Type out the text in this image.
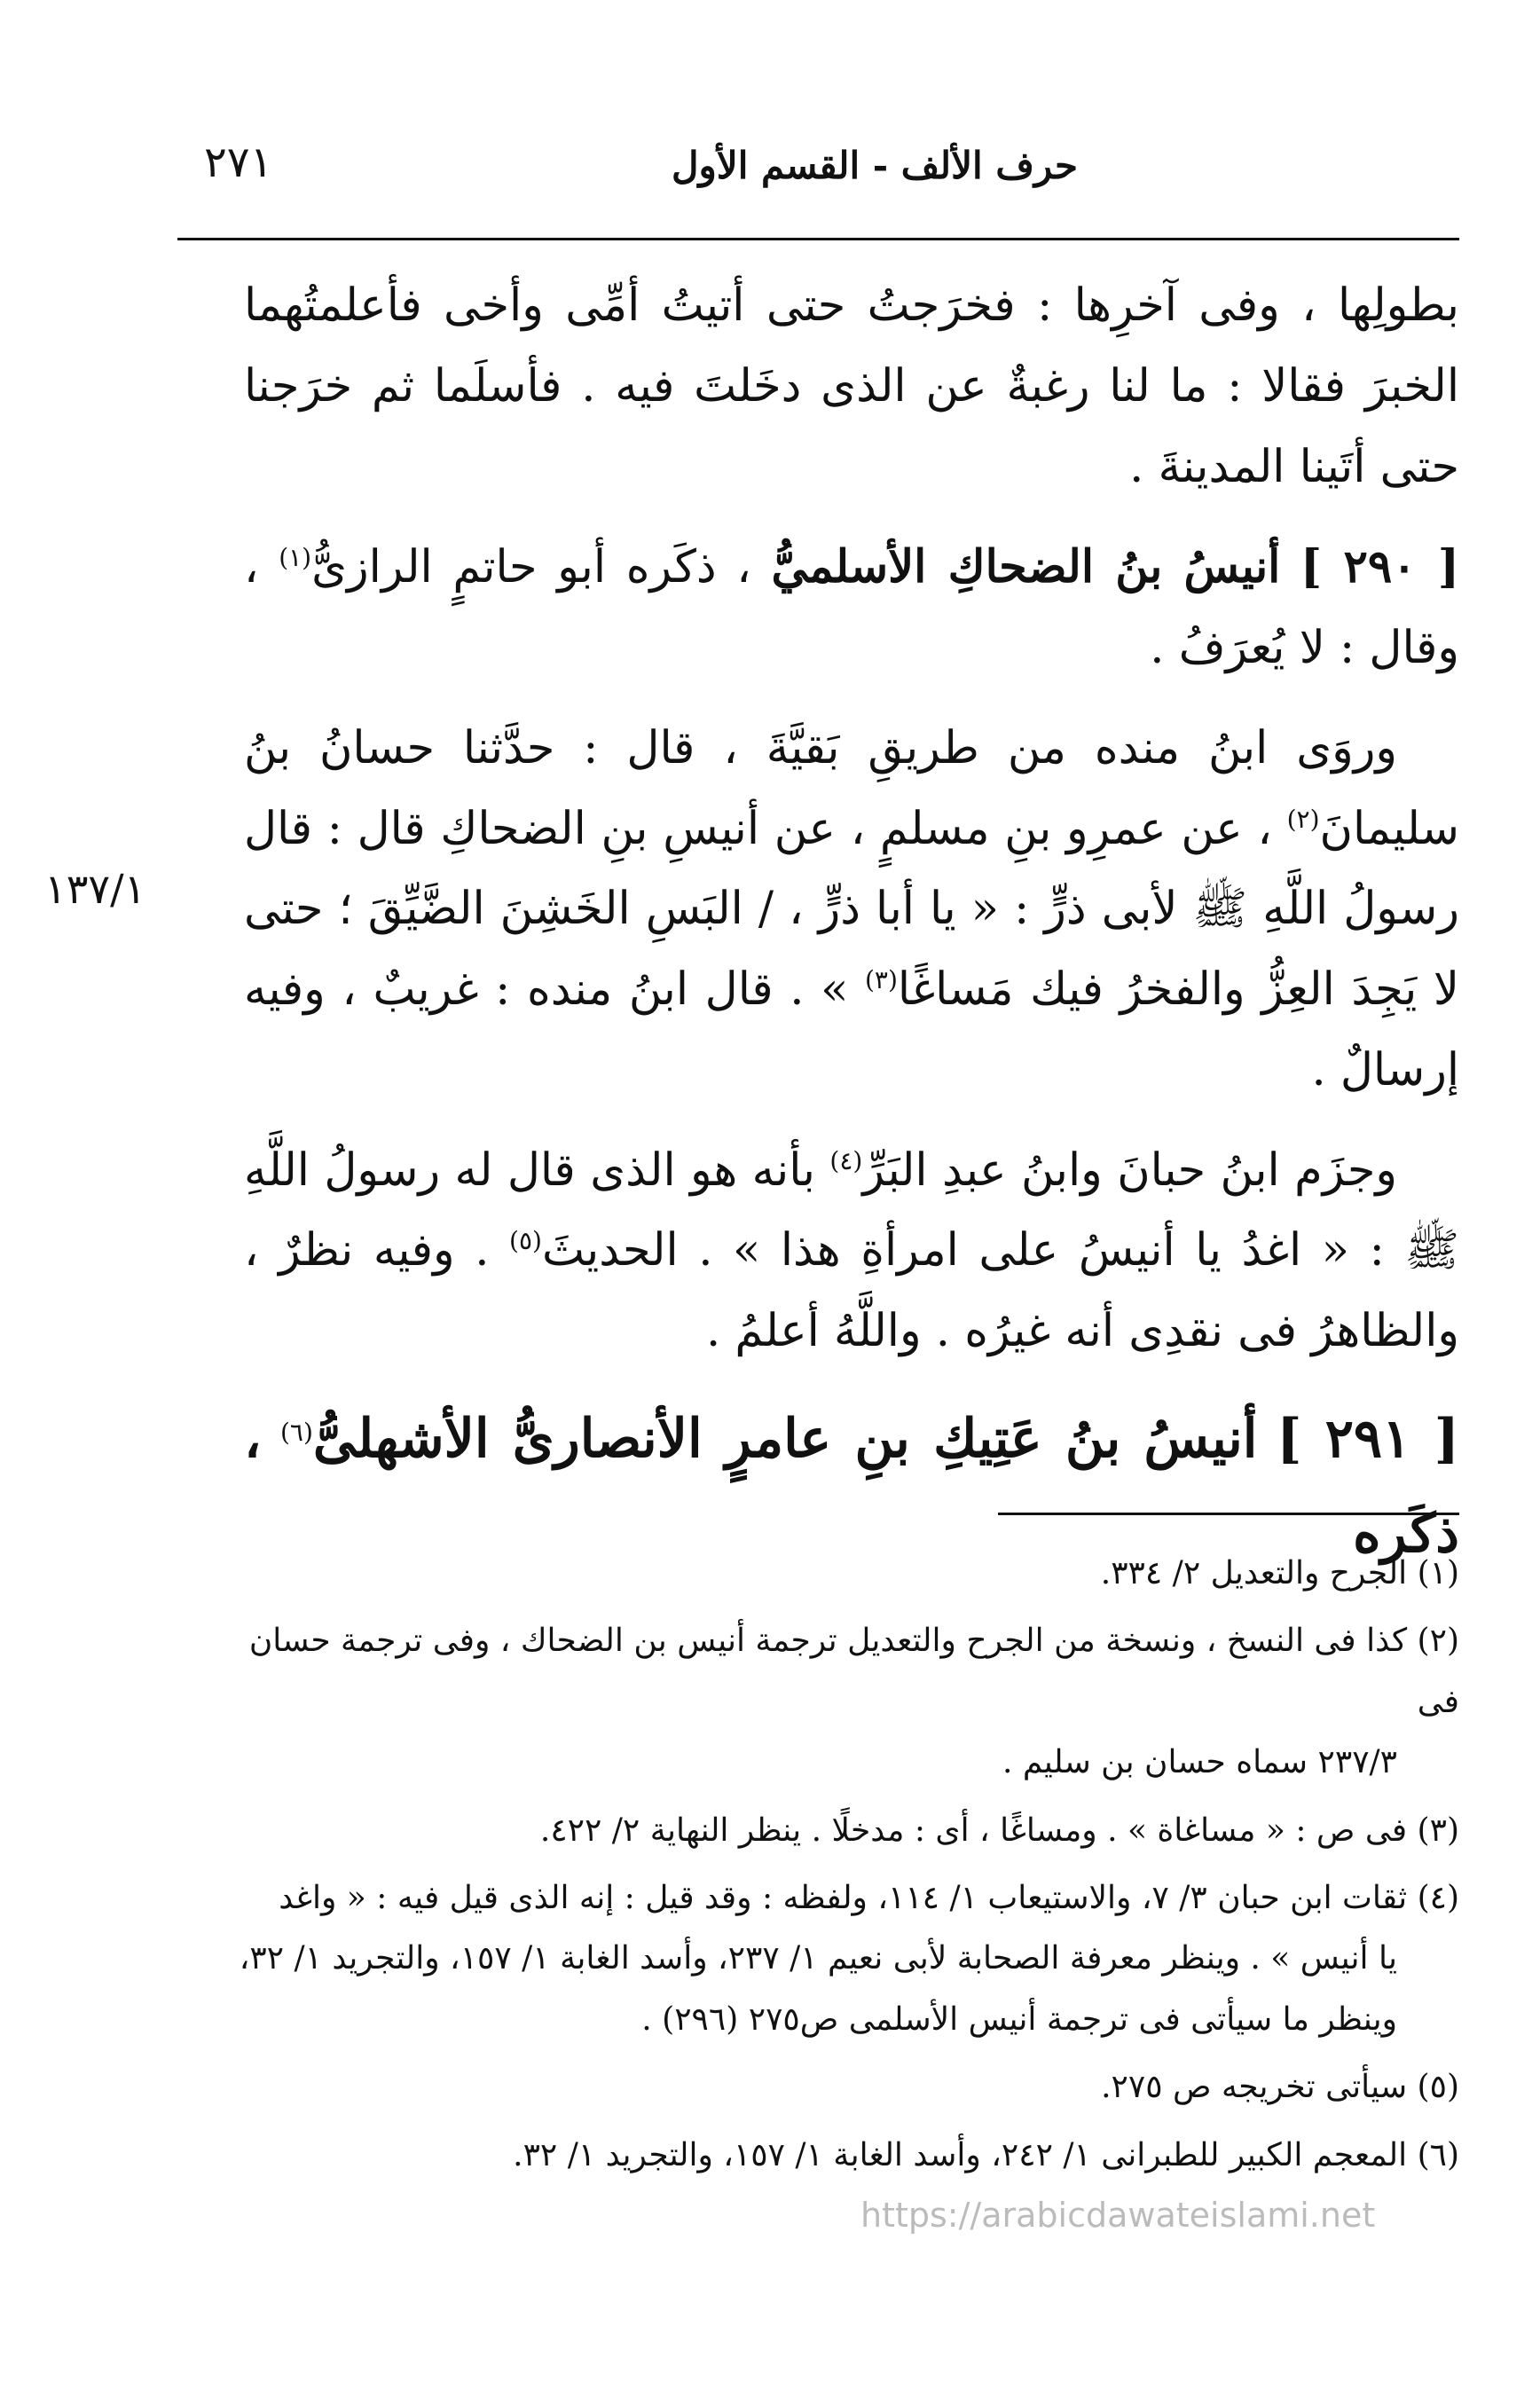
حرف الألف - القسم الأول
٢٧١

بطولِها ، وفى آخرِها : فخرَجتُ حتى أتيتُ أمِّى وأخى فأعلمتُهما الخبرَ فقالا : ما لنا رغبةٌ عن الذى دخَلتَ فيه . فأسلَما ثم خرَجنا حتى أتَينا المدينةَ .

[ ٢٩٠ ] أنيسُ بنُ الضحاكِ الأسلميُّ ، ذكَره أبو حاتمٍ الرازىُّ$^{(١)}$ ، وقال : لا يُعرَفُ .

وروَى ابنُ منده من طريقِ بَقيَّةَ ، قال : حدَّثنا حسانُ بنُ سليمانَ$^{(٢)}$ ، عن عمرِو بنِ مسلمٍ ، عن أنيسِ بنِ الضحاكِ قال : قال رسولُ اللَّهِ ﷺ لأبى ذرٍّ : « يا أبا ذرٍّ ، / البَسِ الخَشِنَ الضَّيِّقَ ؛ حتى لا يَجِدَ العِزُّ والفخرُ فيك مَساغًا$^{(٣)}$ » . قال ابنُ منده : غريبٌ ، وفيه إرسالٌ .

وجزَم ابنُ حبانَ وابنُ عبدِ البَرِّ$^{(٤)}$ بأنه هو الذى قال له رسولُ اللَّهِ ﷺ : « اغدُ يا أنيسُ على امرأةِ هذا » . الحديثَ$^{(٥)}$ . وفيه نظرٌ ، والظاهرُ فى نقدِى أنه غيرُه . واللَّهُ أعلمُ .

[ ٢٩١ ] أنيسُ بنُ عَتِيكِ بنِ عامرٍ الأنصارىُّ الأشهلىُّ$^{(٦)}$ ، ذكَره

١٣٧/١
(١) الجرح والتعديل ٢/ ٣٣٤.
(٢) كذا فى النسخ ، ونسخة من الجرح والتعديل ترجمة أنيس بن الضحاك ، وفى ترجمة حسان فى
٢٣٧/٣ سماه حسان بن سليم .
(٣) فى ص : « مساغاة » . ومساغًا ، أى : مدخلًا . ينظر النهاية ٢/ ٤٢٢.
(٤) ثقات ابن حبان ٣/ ٧، والاستيعاب ١/ ١١٤، ولفظه : وقد قيل : إنه الذى قيل فيه : « واغد
يا أنيس » . وينظر معرفة الصحابة لأبى نعيم ١/ ٢٣٧، وأسد الغابة ١/ ١٥٧، والتجريد ١/ ٣٢،
وينظر ما سيأتى فى ترجمة أنيس الأسلمى ص٢٧٥ (٢٩٦) .
(٥) سيأتى تخريجه ص ٢٧٥.
(٦) المعجم الكبير للطبرانى ١/ ٢٤٢، وأسد الغابة ١/ ١٥٧، والتجريد ١/ ٣٢.
https://arabicdawateislami.net
